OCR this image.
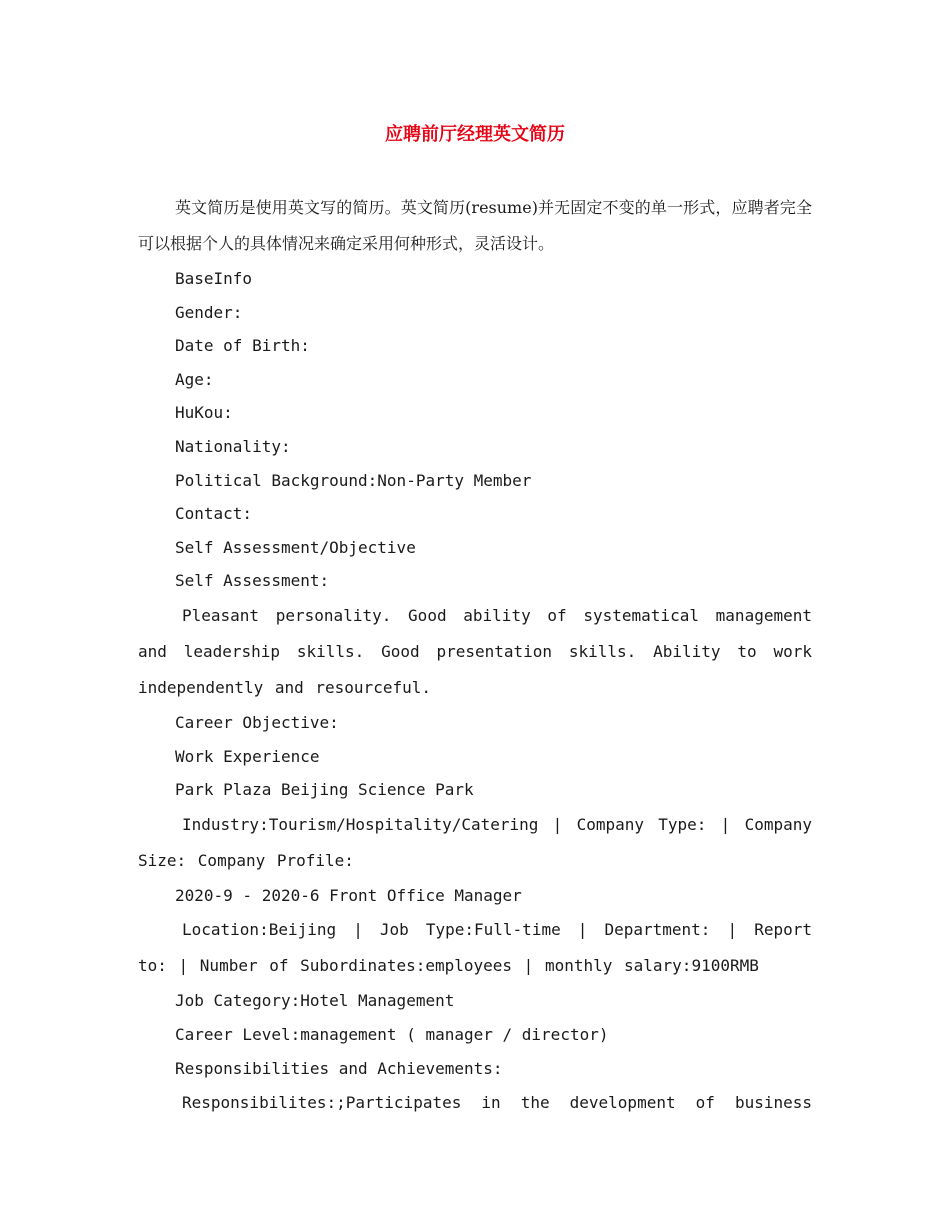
应聘前厅经理英文简历

英文简历是使用英文写的简历。英文简历(resume)并无固定不变的单一形式，应聘者完全可以根据个人的具体情况来确定采用何种形式，灵活设计。

BaseInfo

Gender:

Date of Birth:

Age:

HuKou:

Nationality:

Political Background:Non-Party Member

Contact:

Self Assessment/Objective

Self Assessment:

Pleasant personality. Good ability of systematical management and leadership skills. Good presentation skills. Ability to work independently and resourceful.

Career Objective:

Work Experience

Park Plaza Beijing Science Park

Industry:Tourism/Hospitality/Catering | Company Type: | Company Size: Company Profile:

2020-9 - 2020-6 Front Office Manager

Location:Beijing | Job Type:Full-time | Department: | Report to: | Number of Subordinates:employees | monthly salary:9100RMB

Job Category:Hotel Management

Career Level:management ( manager / director)

Responsibilities and Achievements:

Responsibilites:;Participates in the development of business
